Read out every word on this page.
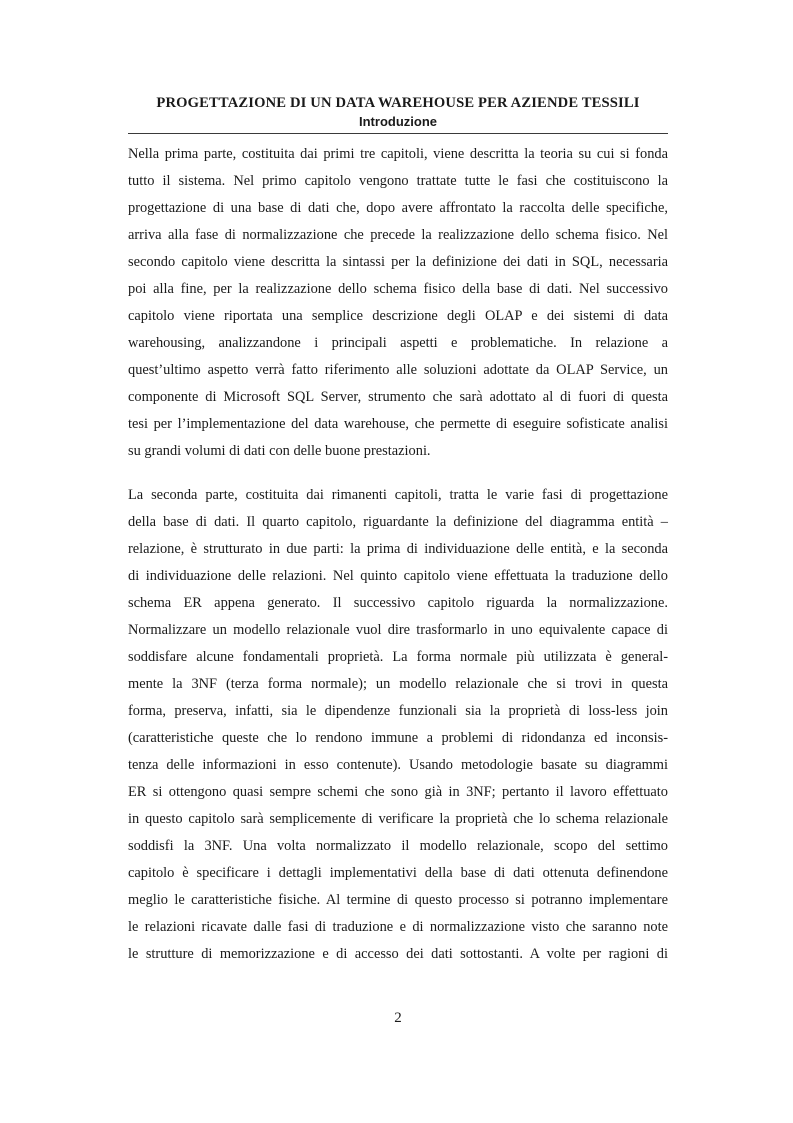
PROGETTAZIONE DI UN DATA WAREHOUSE PER AZIENDE TESSILI
Introduzione
Nella prima parte, costituita dai primi tre capitoli, viene descritta la teoria su cui si fonda
tutto il sistema. Nel primo capitolo vengono trattate tutte le fasi che costituiscono la
progettazione di una base di dati che, dopo avere affrontato la raccolta delle specifiche,
arriva alla fase di normalizzazione che precede la realizzazione dello schema fisico. Nel
secondo capitolo viene descritta la sintassi per la definizione dei dati in SQL, necessaria
poi alla fine, per la realizzazione dello schema fisico della base di dati. Nel successivo
capitolo viene riportata una semplice descrizione degli OLAP e dei sistemi di data
warehousing, analizzandone i principali aspetti e problematiche. In relazione a
quest’ultimo aspetto verrà fatto riferimento alle soluzioni adottate da OLAP Service, un
componente di Microsoft SQL Server, strumento che sarà adottato al di fuori di questa
tesi per l’implementazione del data warehouse, che permette di eseguire sofisticate analisi
su grandi volumi di dati con delle buone prestazioni.
La seconda parte, costituita dai rimanenti capitoli, tratta le varie fasi di progettazione
della base di dati. Il quarto capitolo, riguardante la definizione del diagramma entità –
relazione, è strutturato in due parti: la prima di individuazione delle entità, e la seconda
di individuazione delle relazioni. Nel quinto capitolo viene effettuata la traduzione dello
schema ER appena generato. Il successivo capitolo riguarda la normalizzazione.
Normalizzare un modello relazionale vuol dire trasformarlo in uno equivalente capace di
soddisfare alcune fondamentali proprietà. La forma normale più utilizzata è general-
mente la 3NF (terza forma normale); un modello relazionale che si trovi in questa
forma, preserva, infatti, sia le dipendenze funzionali sia la proprietà di loss-less join
(caratteristiche queste che lo rendono immune a problemi di ridondanza ed inconsis-
tenza delle informazioni in esso contenute). Usando metodologie basate su diagrammi
ER si ottengono quasi sempre schemi che sono già in 3NF; pertanto il lavoro effettuato
in questo capitolo sarà semplicemente di verificare la proprietà che lo schema relazionale
soddisfi la 3NF. Una volta normalizzato il modello relazionale, scopo del settimo
capitolo è specificare i dettagli implementativi della base di dati ottenuta definendone
meglio le caratteristiche fisiche. Al termine di questo processo si potranno implementare
le relazioni ricavate dalle fasi di traduzione e di normalizzazione visto che saranno note
le strutture di memorizzazione e di accesso dei dati sottostanti. A volte per ragioni di
2
